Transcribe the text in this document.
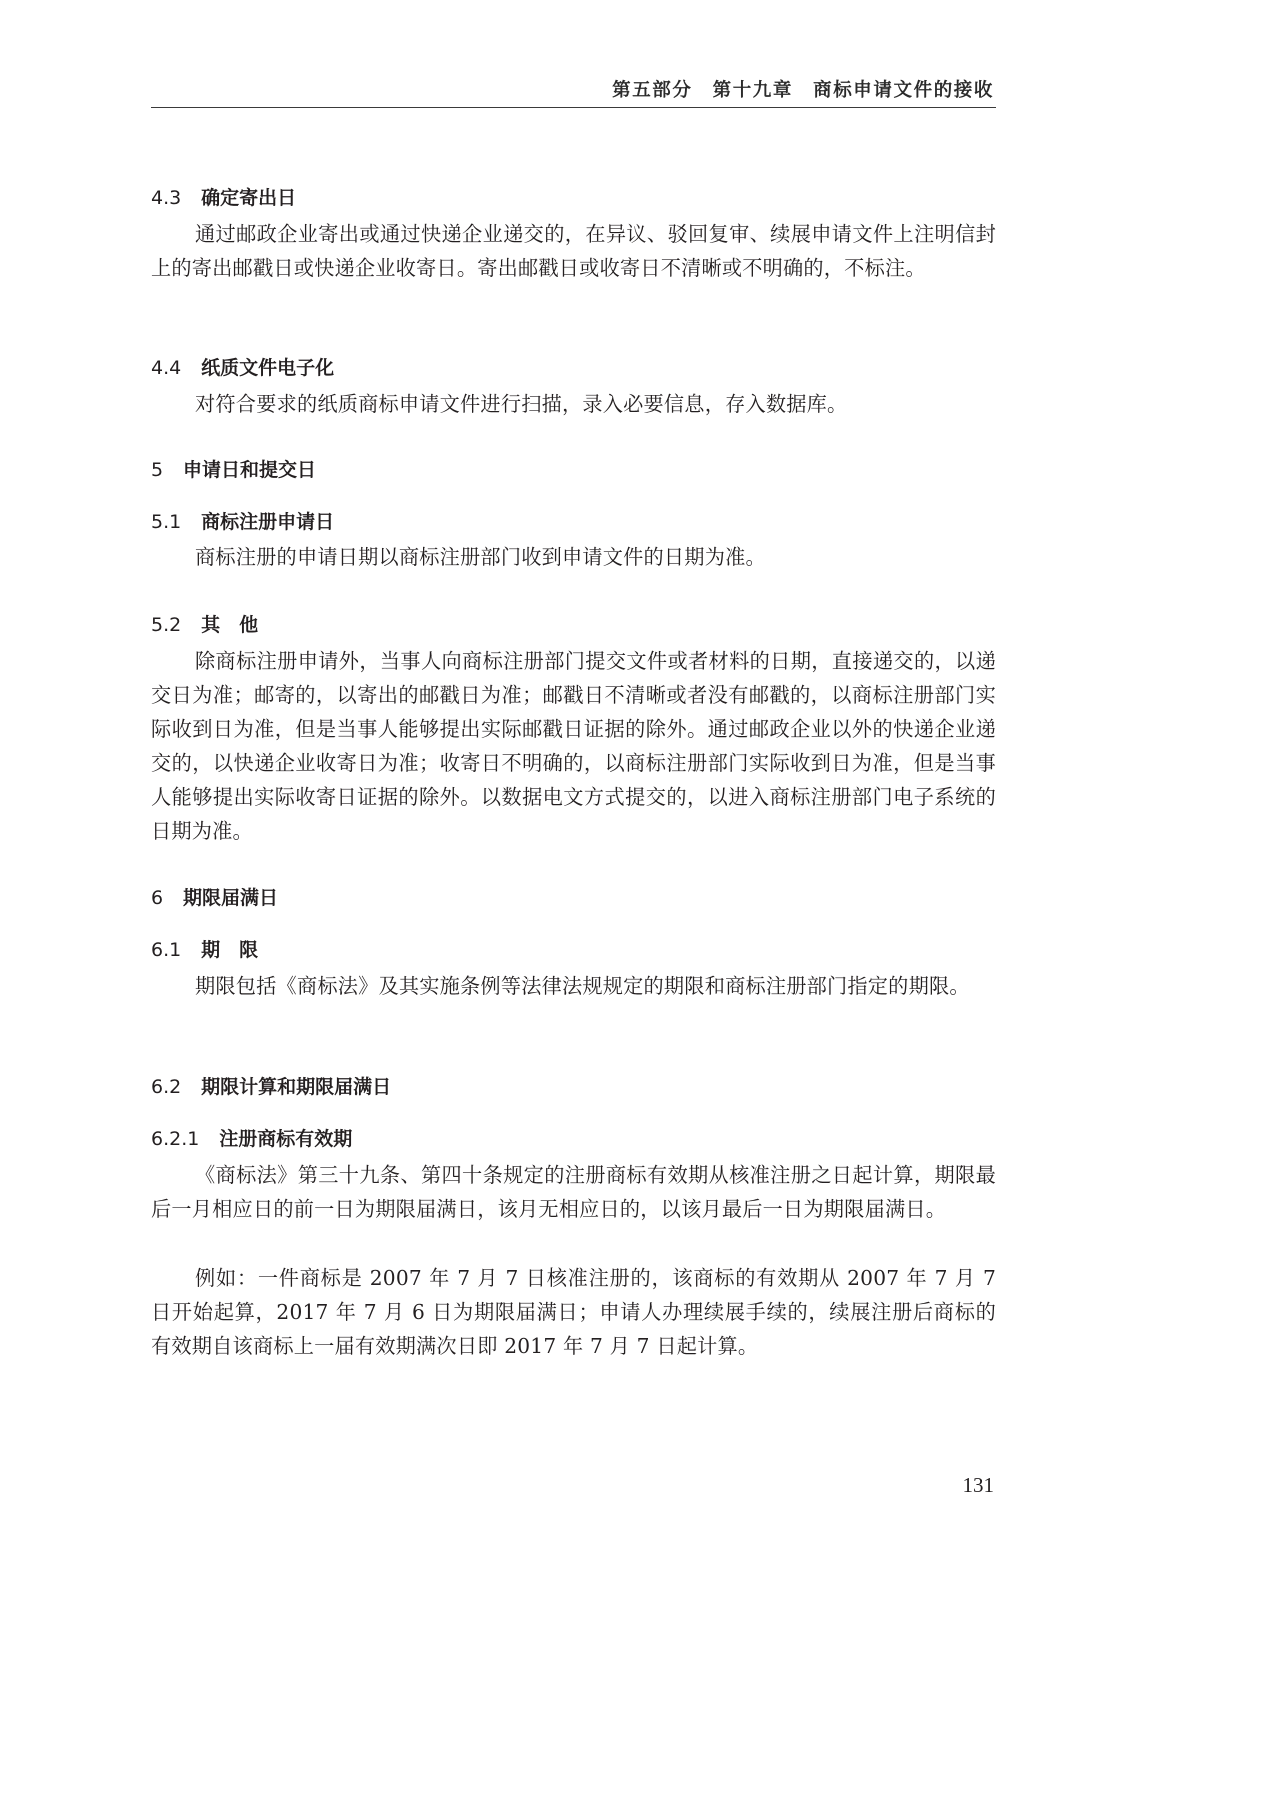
第五部分　第十九章　商标申请文件的接收
4.3 确定寄出日

通过邮政企业寄出或通过快递企业递交的，在异议、驳回复审、续展申请文件上注明信封上的寄出邮戳日或快递企业收寄日。寄出邮戳日或收寄日不清晰或不明确的，不标注。

4.4 纸质文件电子化

对符合要求的纸质商标申请文件进行扫描，录入必要信息，存入数据库。

5 申请日和提交日
5.1 商标注册申请日

商标注册的申请日期以商标注册部门收到申请文件的日期为准。

5.2 其　他

除商标注册申请外，当事人向商标注册部门提交文件或者材料的日期，直接递交的，以递交日为准；邮寄的，以寄出的邮戳日为准；邮戳日不清晰或者没有邮戳的，以商标注册部门实际收到日为准，但是当事人能够提出实际邮戳日证据的除外。通过邮政企业以外的快递企业递交的，以快递企业收寄日为准；收寄日不明确的，以商标注册部门实际收到日为准，但是当事人能够提出实际收寄日证据的除外。以数据电文方式提交的，以进入商标注册部门电子系统的日期为准。

6 期限届满日
6.1 期　限

期限包括《商标法》及其实施条例等法律法规规定的期限和商标注册部门指定的期限。

6.2 期限计算和期限届满日
6.2.1 注册商标有效期

《商标法》第三十九条、第四十条规定的注册商标有效期从核准注册之日起计算，期限最后一月相应日的前一日为期限届满日，该月无相应日的，以该月最后一日为期限届满日。

例如：一件商标是 2007 年 7 月 7 日核准注册的，该商标的有效期从 2007 年 7 月 7 日开始起算，2017 年 7 月 6 日为期限届满日；申请人办理续展手续的，续展注册后商标的有效期自该商标上一届有效期满次日即 2017 年 7 月 7 日起计算。

131
